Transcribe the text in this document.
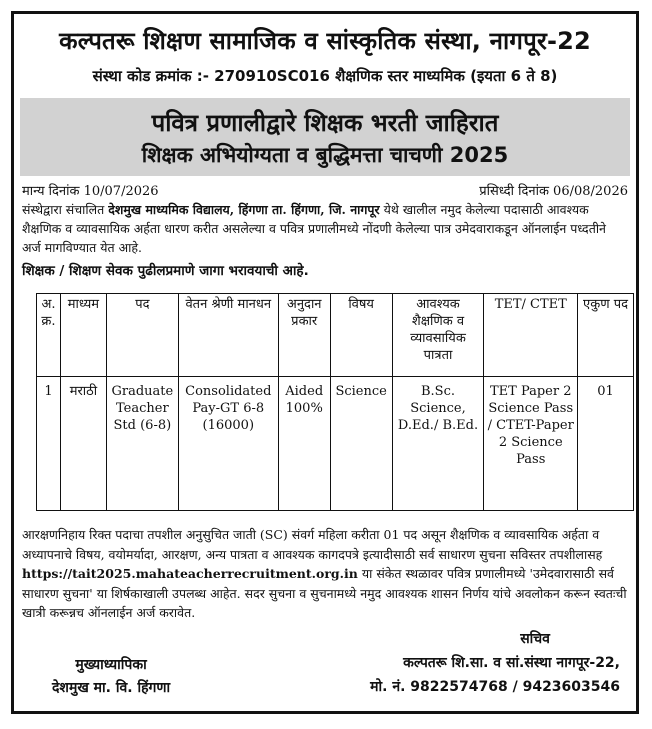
कल्पतरू शिक्षण सामाजिक व सांस्कृतिक संस्था, नागपूर-22
संस्था कोड क्रमांक :- 270910SC016 शैक्षणिक स्तर माध्यमिक (इयता 6 ते 8)
पवित्र प्रणालीद्वारे शिक्षक भरती जाहिरात
शिक्षक अभियोग्यता व बुद्धिमत्ता चाचणी 2025
मान्य दिनांक 10/07/2026	प्रसिध्दी दिनांक 06/08/2026
संस्थेद्वारा संचालित देशमुख माध्यमिक विद्यालय, हिंगणा ता. हिंगणा, जि. नागपूर येथे खालील नमुद केलेल्या पदासाठी आवश्यक शैक्षणिक व व्यावसायिक अर्हता धारण करीत असलेल्या व पवित्र प्रणालीमध्ये नोंदणी केलेल्या पात्र उमेदवाराकडून ऑनलाईन पध्दतीने अर्ज मागविण्यात येत आहे.
शिक्षक / शिक्षण सेवक पुढीलप्रमाणे जागा भरावयाची आहे.
अ. क्र.	माध्यम	पद	वेतन श्रेणी मानधन	अनुदान प्रकार	विषय	आवश्यक शैक्षणिक व व्यावसायिक पात्रता	TET/ CTET	एकुण पद
1	मराठी	Graduate Teacher Std (6-8)	Consolidated Pay-GT 6-8 (16000)	Aided 100%	Science	B.Sc. Science, D.Ed./ B.Ed.	TET Paper 2 Science Pass / CTET-Paper 2 Science Pass	01
आरक्षणनिहाय रिक्त पदाचा तपशील अनुसुचित जाती (SC) संवर्ग महिला करीता 01 पद असून शैक्षणिक व व्यावसायिक अर्हता व अध्यापनाचे विषय, वयोमर्यादा, आरक्षण, अन्य पात्रता व आवश्यक कागदपत्रे इत्यादीसाठी सर्व साधारण सुचना सविस्तर तपशीलासह https://tait2025.mahateacherrecruitment.org.in या संकेत स्थळावर पवित्र प्रणालीमध्ये 'उमेदवारासाठी सर्व साधारण सुचना' या शिर्षकाखाली उपलब्ध आहेत. सदर सुचना व सुचनामध्ये नमुद आवश्यक शासन निर्णय यांचे अवलोकन करून स्वतःची खात्री करून्नच ऑनलाईन अर्ज करावेत.
मुख्याध्यापिका
देशमुख मा. वि. हिंगणा
सचिव
कल्पतरू शि.सा. व सां.संस्था नागपूर-22,
मो. नं. 9822574768 / 9423603546
